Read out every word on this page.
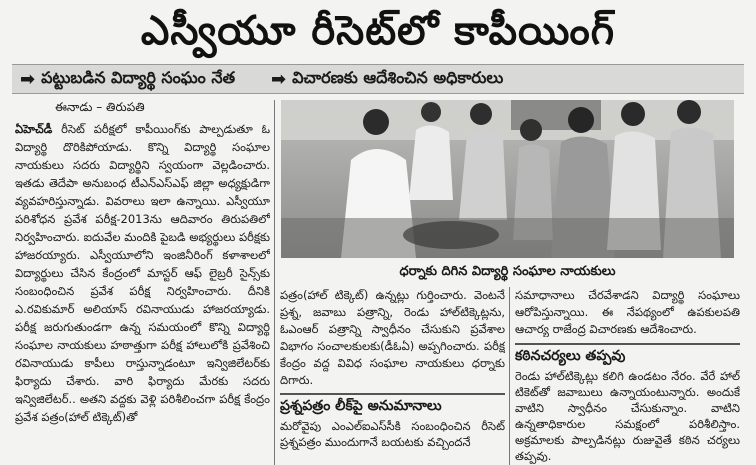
ఎస్వీయూ రీసెట్‌లో కాపీయింగ్
➡ పట్టుబడిన విద్యార్థి సంఘం నేత ➡ విచారణకు ఆదేశించిన అధికారులు
ఈనాడు – తిరుపతి
ఏహెచ్‌డీ రీసెట్ పరీక్షలో కాపీయింగ్‌కు పాల్పడుతూ ఓ విద్యార్థి దొరికిపోయాడు. కొన్ని విద్యార్థి సంఘాల నాయకులు సదరు విద్యార్థిని స్వయంగా వెల్లడించారు. ఇతడు తెదేపా అనుబంధ టీఎన్ఎస్ఎఫ్ జిల్లా అధ్యక్షుడిగా వ్యవహరిస్తున్నాడు. వివరాలు ఇలా ఉన్నాయి. ఎస్వీయూ పరిశోధన ప్రవేశ పరీక్ష-2013ను ఆదివారం తిరుపతిలో నిర్వహించారు. ఐదువేల మందికి పైబడి అభ్యర్థులు పరీక్షకు హాజరయ్యారు. ఎస్వీయూలోని ఇంజినీరింగ్ కళాశాలలో విద్యార్థులు చేసిన కేంద్రంలో మాస్టర్ ఆఫ్ లైబ్రరీ సైన్స్‌కు సంబంధించిన ప్రవేశ పరీక్ష నిర్వహించారు. దీనికి ఎ.రవికుమార్ అలియాస్ రవినాయుడు హాజరయ్యాడు. పరీక్ష జరుగుతుండగా ఉన్న సమయంలో కొన్ని విద్యార్థి సంఘాల నాయకులు హఠాత్తుగా పరీక్ష హాలులోకి ప్రవేశించి రవినాయుడు కాపీలు రాస్తున్నాడంటూ ఇన్విజిలేటర్‌కు ఫిర్యాదు చేశారు. వారి ఫిర్యాదు మేరకు సదరు ఇన్విజిలేటర్.. అతని వద్దకు వెళ్లి పరిశీలించగా పరీక్ష కేంద్రం ప్రవేశ పత్రం(హాల్ టిక్కెట్)తో
ధర్నాకు దిగిన విద్యార్థి సంఘాల నాయకులు
పత్రం(హాల్ టిక్కెట్) ఉన్నట్లు గుర్తించారు. వెంటనే ప్రశ్న, జవాబు పత్రాన్ని, రెండు హాల్‌టిక్కెట్లను, ఓఎంఆర్ పత్రాన్ని స్వాధీనం చేసుకుని ప్రవేశాల విభాగం సంచాలకులకు(డీఓఏ) అప్పగించారు. పరీక్ష కేంద్రం వద్ద వివిధ సంఘాల నాయకులు ధర్నాకు దిగారు.
సమాధానాలు చేరవేశాడని విద్యార్థి సంఘాలు ఆరోపిస్తున్నాయి. ఈ నేపథ్యంలో ఉపకులపతి ఆచార్య రాజేంద్ర విచారణకు ఆదేశించారు.
ప్రశ్నపత్రం లీక్‌పై అనుమానాలు
మరోవైపు ఎంఎల్ఐఎస్‌సీకి సంబంధించిన రీసెట్ ప్రశ్నపత్రం ముందుగానే బయటకు వచ్చిందనే
కఠినచర్యలు తప్పవు
రెండు హాల్‌టిక్కెట్లు కలిగి ఉండటం నేరం. వేరే హాల్ టికెట్‌తో జవాబులు ఉన్నాయంటున్నారు. అందుకే వాటిని స్వాధీనం చేసుకున్నాం. వాటిని ఉన్నతాధికారుల సమక్షంలో పరిశీలిస్తాం. అక్రమాలకు పాల్పడినట్లు రుజువైతే కఠిన చర్యలు తప్పవు.
